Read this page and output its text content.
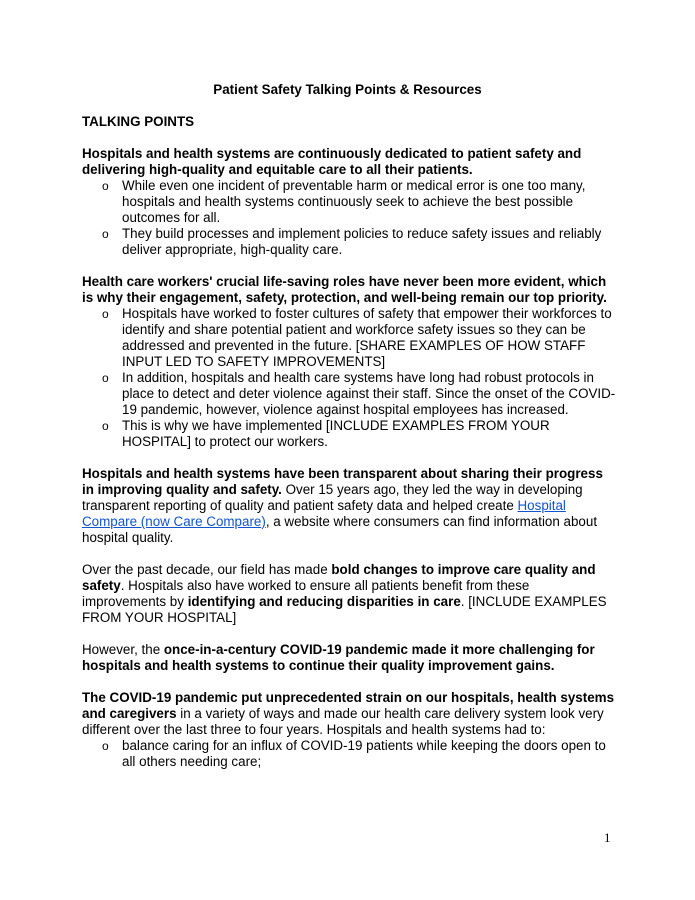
Patient Safety Talking Points & Resources
TALKING POINTS

Hospitals and health systems are continuously dedicated to patient safety and delivering high-quality and equitable care to all their patients.

o While even one incident of preventable harm or medical error is one too many, hospitals and health systems continuously seek to achieve the best possible outcomes for all.
o They build processes and implement policies to reduce safety issues and reliably deliver appropriate, high-quality care.

Health care workers' crucial life-saving roles have never been more evident, which is why their engagement, safety, protection, and well-being remain our top priority.

o Hospitals have worked to foster cultures of safety that empower their workforces to identify and share potential patient and workforce safety issues so they can be addressed and prevented in the future. [SHARE EXAMPLES OF HOW STAFF INPUT LED TO SAFETY IMPROVEMENTS]
o In addition, hospitals and health care systems have long had robust protocols in place to detect and deter violence against their staff. Since the onset of the COVID-19 pandemic, however, violence against hospital employees has increased.
o This is why we have implemented [INCLUDE EXAMPLES FROM YOUR HOSPITAL] to protect our workers.

Hospitals and health systems have been transparent about sharing their progress in improving quality and safety. Over 15 years ago, they led the way in developing transparent reporting of quality and patient safety data and helped create Hospital Compare (now Care Compare), a website where consumers can find information about hospital quality.

Over the past decade, our field has made bold changes to improve care quality and safety. Hospitals also have worked to ensure all patients benefit from these improvements by identifying and reducing disparities in care. [INCLUDE EXAMPLES FROM YOUR HOSPITAL]

However, the once-in-a-century COVID-19 pandemic made it more challenging for hospitals and health systems to continue their quality improvement gains.

The COVID-19 pandemic put unprecedented strain on our hospitals, health systems and caregivers in a variety of ways and made our health care delivery system look very different over the last three to four years. Hospitals and health systems had to:

o balance caring for an influx of COVID-19 patients while keeping the doors open to all others needing care;
1
